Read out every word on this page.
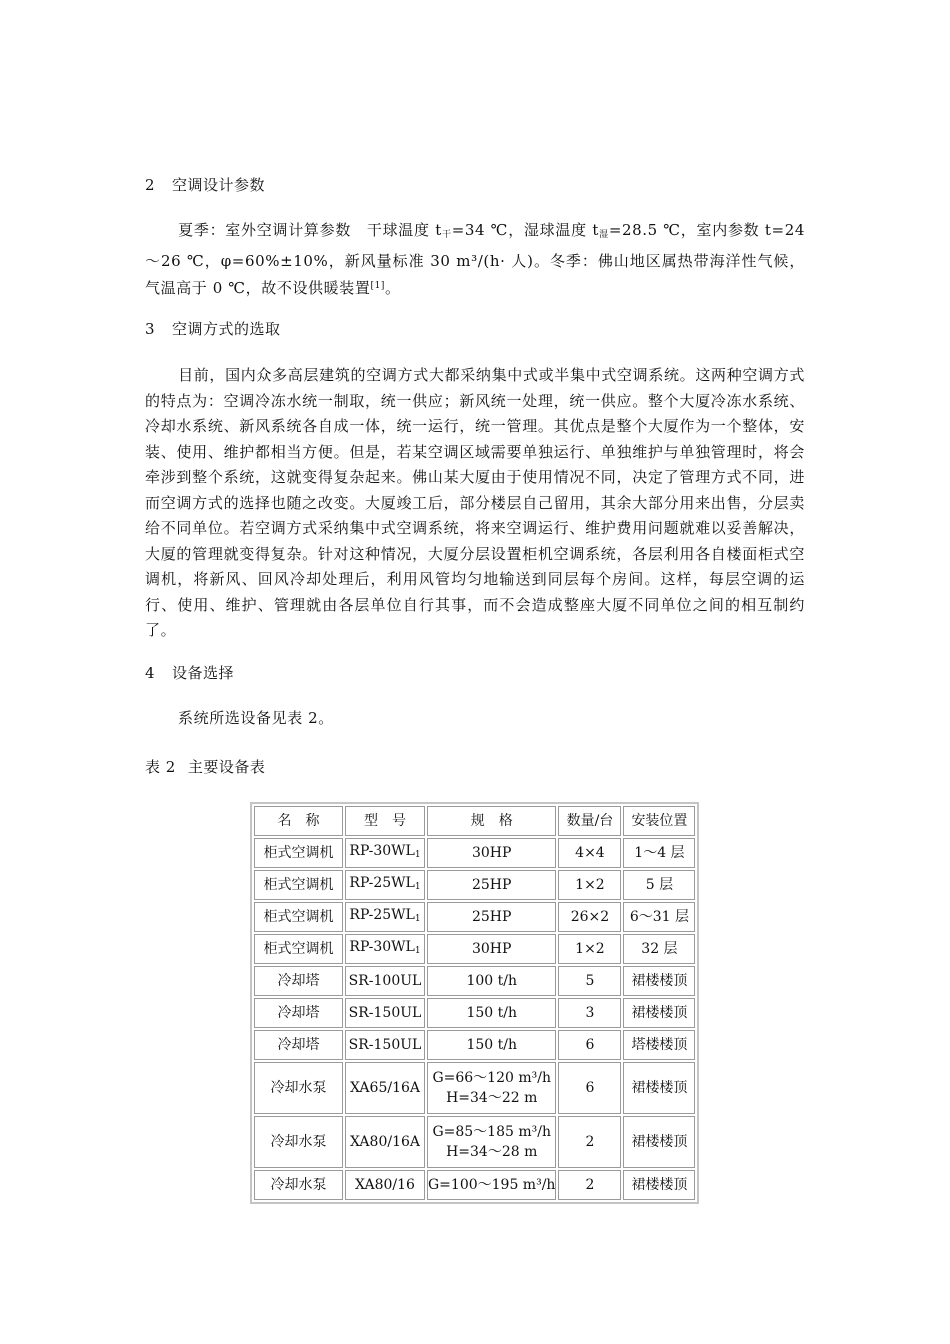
2 空调设计参数
夏季：室外空调计算参数　干球温度 $t_干=34$ ℃，湿球温度 $t_湿=28.5$ ℃，室内参数 t=24～26 ℃，φ=60%±10%，新风量标准 30 m³/(h· 人)。冬季：佛山地区属热带海洋性气候，气温高于 0 ℃，故不设供暖装置[1]。
3 空调方式的选取
目前，国内众多高层建筑的空调方式大都采纳集中式或半集中式空调系统。这两种空调方式的特点为：空调冷冻水统一制取，统一供应；新风统一处理，统一供应。整个大厦冷冻水系统、冷却水系统、新风系统各自成一体，统一运行，统一管理。其优点是整个大厦作为一个整体，安装、使用、维护都相当方便。但是，若某空调区域需要单独运行、单独维护与单独管理时，将会牵涉到整个系统，这就变得复杂起来。佛山某大厦由于使用情况不同，决定了管理方式不同，进而空调方式的选择也随之改变。大厦竣工后，部分楼层自己留用，其余大部分用来出售，分层卖给不同单位。若空调方式采纳集中式空调系统，将来空调运行、维护费用问题就难以妥善解决，大厦的管理就变得复杂。针对这种情况，大厦分层设置柜机空调系统，各层利用各自楼面柜式空调机，将新风、回风冷却处理后，利用风管均匀地输送到同层每个房间。这样，每层空调的运行、使用、维护、管理就由各层单位自行其事，而不会造成整座大厦不同单位之间的相互制约了。
4 设备选择
系统所选设备见表 2。
表 2 主要设备表
名　称	型　号	规　格	数量/台	安装位置
柜式空调机	$RP-30WL_1$	30HP	4×4	1～4 层
柜式空调机	$RP-25WL_1$	25HP	1×2	5 层
柜式空调机	$RP-25WL_1$	25HP	26×2	6～31 层
柜式空调机	$RP-30WL_1$	30HP	1×2	32 层
冷却塔	SR-100UL	100 t/h	5	裙楼楼顶
冷却塔	SR-150UL	150 t/h	3	裙楼楼顶
冷却塔	SR-150UL	150 t/h	6	塔楼楼顶
冷却水泵	XA65/16A	G=66～120 m³/h
H=34～22 m	6	裙楼楼顶
冷却水泵	XA80/16A	G=85～185 m³/h
H=34～28 m	2	裙楼楼顶
冷却水泵	XA80/16	G=100～195 m³/h	2	裙楼楼顶
